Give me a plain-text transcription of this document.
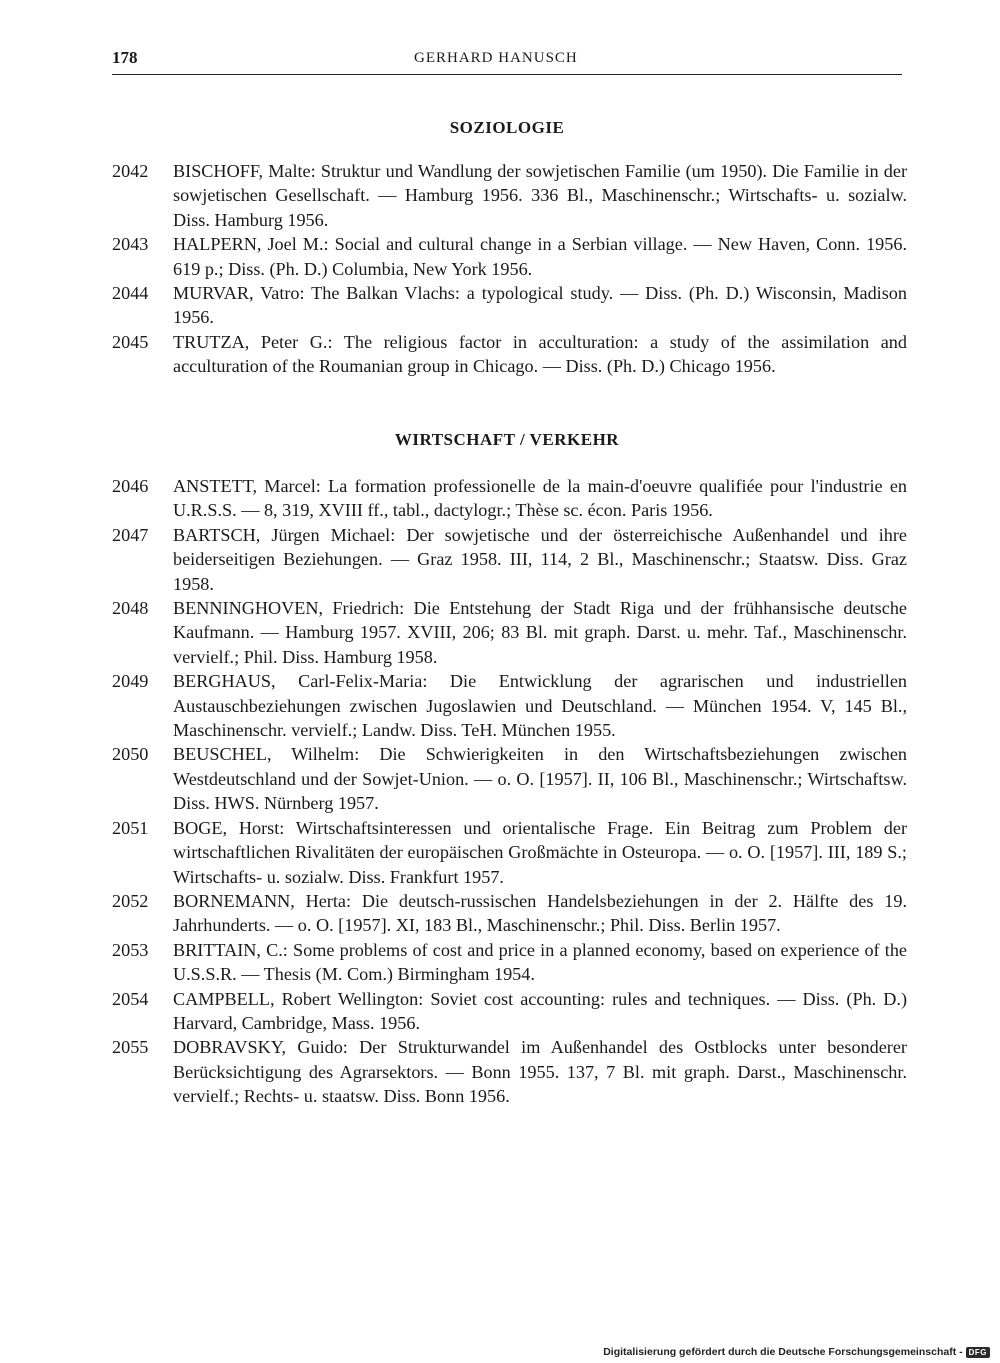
178	GERHARD HANUSCH
SOZIOLOGIE
2042 BISCHOFF, Malte: Struktur und Wandlung der sowjetischen Familie (um 1950). Die Familie in der sowjetischen Gesellschaft. — Hamburg 1956. 336 Bl., Maschinenschr.; Wirtschafts- u. sozialw. Diss. Hamburg 1956.
2043 HALPERN, Joel M.: Social and cultural change in a Serbian village. — New Haven, Conn. 1956. 619 p.; Diss. (Ph. D.) Columbia, New York 1956.
2044 MURVAR, Vatro: The Balkan Vlachs: a typological study. — Diss. (Ph. D.) Wisconsin, Madison 1956.
2045 TRUTZA, Peter G.: The religious factor in acculturation: a study of the assimilation and acculturation of the Roumanian group in Chicago. — Diss. (Ph. D.) Chicago 1956.
WIRTSCHAFT / VERKEHR
2046 ANSTETT, Marcel: La formation professionelle de la main-d'oeuvre qualifiée pour l'industrie en U.R.S.S. — 8, 319, XVIII ff., tabl., dactylogr.; Thèse sc. écon. Paris 1956.
2047 BARTSCH, Jürgen Michael: Der sowjetische und der österreichische Außenhandel und ihre beiderseitigen Beziehungen. — Graz 1958. III, 114, 2 Bl., Maschinenschr.; Staatsw. Diss. Graz 1958.
2048 BENNINGHOVEN, Friedrich: Die Entstehung der Stadt Riga und der frühhansische deutsche Kaufmann. — Hamburg 1957. XVIII, 206; 83 Bl. mit graph. Darst. u. mehr. Taf., Maschinenschr. vervielf.; Phil. Diss. Hamburg 1958.
2049 BERGHAUS, Carl-Felix-Maria: Die Entwicklung der agrarischen und industriellen Austauschbeziehungen zwischen Jugoslawien und Deutschland. — München 1954. V, 145 Bl., Maschinenschr. vervielf.; Landw. Diss. TeH. München 1955.
2050 BEUSCHEL, Wilhelm: Die Schwierigkeiten in den Wirtschaftsbeziehungen zwischen Westdeutschland und der Sowjet-Union. — o. O. [1957]. II, 106 Bl., Maschinenschr.; Wirtschaftsw. Diss. HWS. Nürnberg 1957.
2051 BOGE, Horst: Wirtschaftsinteressen und orientalische Frage. Ein Beitrag zum Problem der wirtschaftlichen Rivalitäten der europäischen Großmächte in Osteuropa. — o. O. [1957]. III, 189 S.; Wirtschafts- u. sozialw. Diss. Frankfurt 1957.
2052 BORNEMANN, Herta: Die deutsch-russischen Handelsbeziehungen in der 2. Hälfte des 19. Jahrhunderts. — o. O. [1957]. XI, 183 Bl., Maschinenschr.; Phil. Diss. Berlin 1957.
2053 BRITTAIN, C.: Some problems of cost and price in a planned economy, based on experience of the U.S.S.R. — Thesis (M. Com.) Birmingham 1954.
2054 CAMPBELL, Robert Wellington: Soviet cost accounting: rules and techniques. — Diss. (Ph. D.) Harvard, Cambridge, Mass. 1956.
2055 DOBRAVSKY, Guido: Der Strukturwandel im Außenhandel des Ostblocks unter besonderer Berücksichtigung des Agrarsektors. — Bonn 1955. 137, 7 Bl. mit graph. Darst., Maschinenschr. vervielf.; Rechts- u. staatsw. Diss. Bonn 1956.
Digitalisierung gefördert durch die Deutsche Forschungsgemeinschaft - DFG
